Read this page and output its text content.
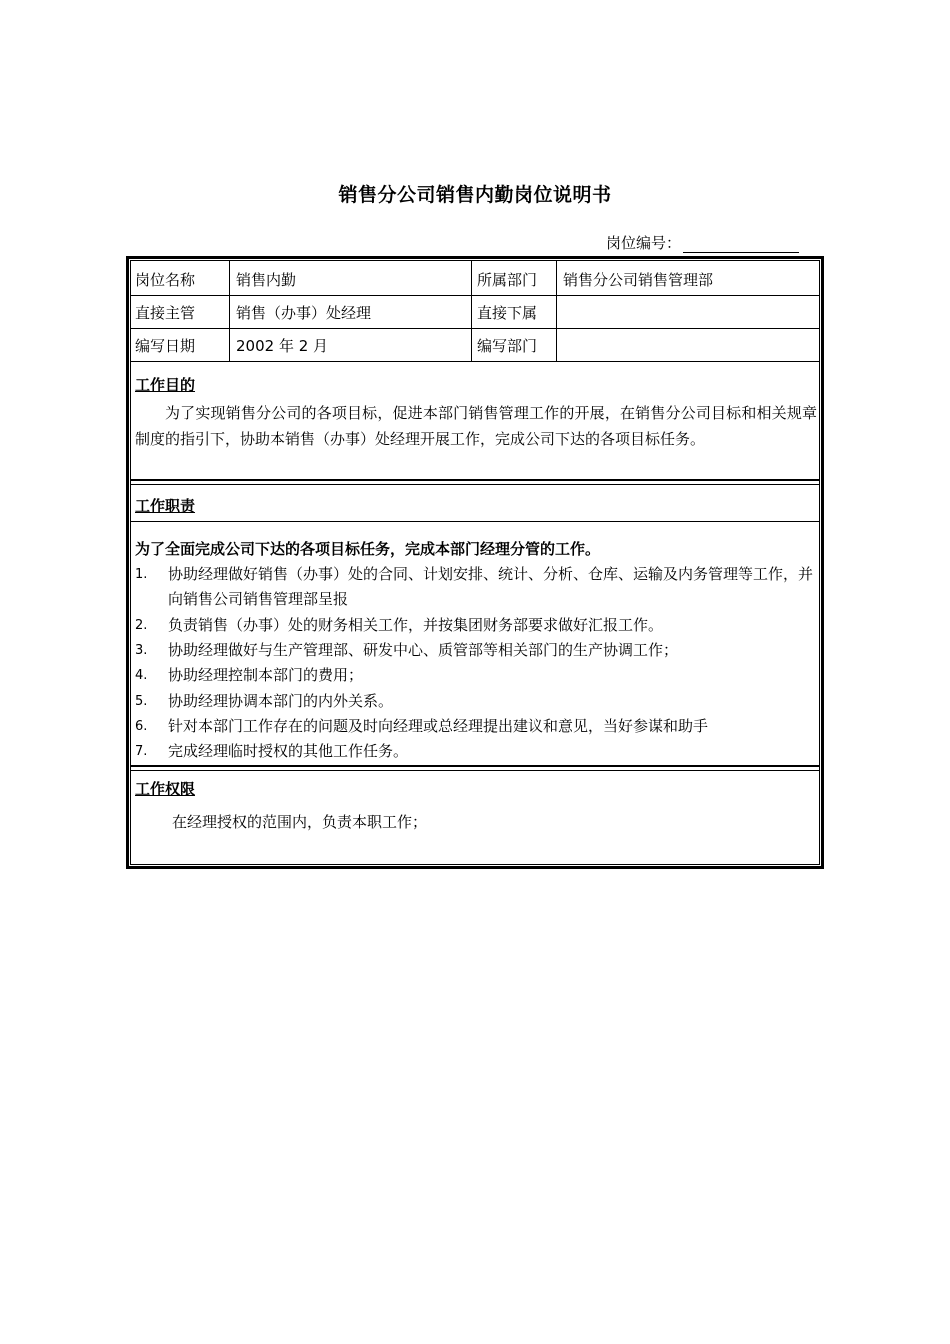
销售分公司销售内勤岗位说明书
岗位编号：
岗位名称	销售内勤	所属部门 销售分公司销售管理部
直接主管	销售（办事）处经理	直接下属
编写日期	2002 年 2 月	编写部门
工作目的
为了实现销售分公司的各项目标，促进本部门销售管理工作的开展，在销售分公司目标和相关规章制度的指引下，协助本销售（办事）处经理开展工作，完成公司下达的各项目标任务。
工作职责
为了全面完成公司下达的各项目标任务，完成本部门经理分管的工作。
1.	协助经理做好销售（办事）处的合同、计划安排、统计、分析、仓库、运输及内务管理等工作，并向销售公司销售管理部呈报
2.	负责销售（办事）处的财务相关工作，并按集团财务部要求做好汇报工作。
3.	协助经理做好与生产管理部、研发中心、质管部等相关部门的生产协调工作；
4.	协助经理控制本部门的费用；
5.	协助经理协调本部门的内外关系。
6.	针对本部门工作存在的问题及时向经理或总经理提出建议和意见，当好参谋和助手
7.	完成经理临时授权的其他工作任务。
工作权限
在经理授权的范围内，负责本职工作；
